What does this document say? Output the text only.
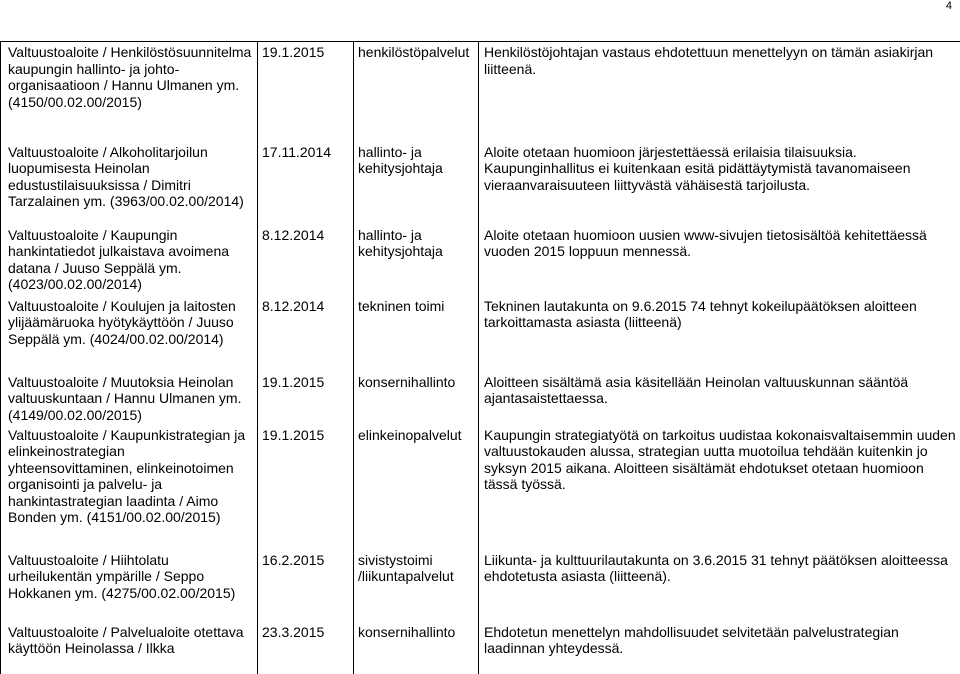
4
Valtuustoaloite / Henkilöstösuunnitelma kaupungin hallinto- ja johto-organisaatioon / Hannu Ulmanen ym. (4150/00.02.00/2015)	19.1.2015	henkilöstöpalvelut	Henkilöstöjohtajan vastaus ehdotettuun menettelyyn on tämän asiakirjan liitteenä.
Valtuustoaloite / Alkoholitarjoilun luopumisesta Heinolan edustustilaisuuksissa / Dimitri Tarzalainen ym. (3963/00.02.00/2014)	17.11.2014	hallinto- ja kehitysjohtaja	Aloite otetaan huomioon järjestettäessä erilaisia tilaisuuksia. Kaupunginhallitus ei kuitenkaan esitä pidättäytymistä tavanomaiseen vieraanvaraisuuteen liittyvästä vähäisestä tarjoilusta.
Valtuustoaloite / Kaupungin hankintatiedot julkaistava avoimena datana / Juuso Seppälä ym. (4023/00.02.00/2014)	8.12.2014	hallinto- ja kehitysjohtaja	Aloite otetaan huomioon uusien www-sivujen tietosisältöä kehitettäessä vuoden 2015 loppuun mennessä.
Valtuustoaloite / Koulujen ja laitosten ylijäämäruoka hyötykäyttöön / Juuso Seppälä ym. (4024/00.02.00/2014)	8.12.2014	tekninen toimi	Tekninen lautakunta on 9.6.2015 74 tehnyt kokeilupäätöksen aloitteen tarkoittamasta asiasta (liitteenä)
Valtuustoaloite / Muutoksia Heinolan valtuuskuntaan / Hannu Ulmanen ym. (4149/00.02.00/2015)	19.1.2015	konsernihallinto	Aloitteen sisältämä asia käsitellään Heinolan valtuuskunnan sääntöä ajantasaistettaessa.
Valtuustoaloite / Kaupunkistrategian ja elinkeinostrategian yhteensovittaminen, elinkeinotoimen organisointi ja palvelu- ja hankintastrategian laadinta / Aimo Bonden ym. (4151/00.02.00/2015)	19.1.2015	elinkeinopalvelut	Kaupungin strategiatyötä on tarkoitus uudistaa kokonaisvaltaisemmin uuden valtuustokauden alussa, strategian uutta muotoilua tehdään kuitenkin jo syksyn 2015 aikana. Aloitteen sisältämät ehdotukset otetaan huomioon tässä työssä.
Valtuustoaloite / Hiihtolatu urheilukentän ympärille / Seppo Hokkanen ym. (4275/00.02.00/2015)	16.2.2015	sivistystoimi /liikuntapalvelut	Liikunta- ja kulttuurilautakunta on 3.6.2015 31 tehnyt päätöksen aloitteessa ehdotetusta asiasta (liitteenä).
Valtuustoaloite / Palvelualoite otettava käyttöön Heinolassa / Ilkka	23.3.2015	konsernihallinto	Ehdotetun menettelyn mahdollisuudet selvitetään palvelustrategian laadinnan yhteydessä.
